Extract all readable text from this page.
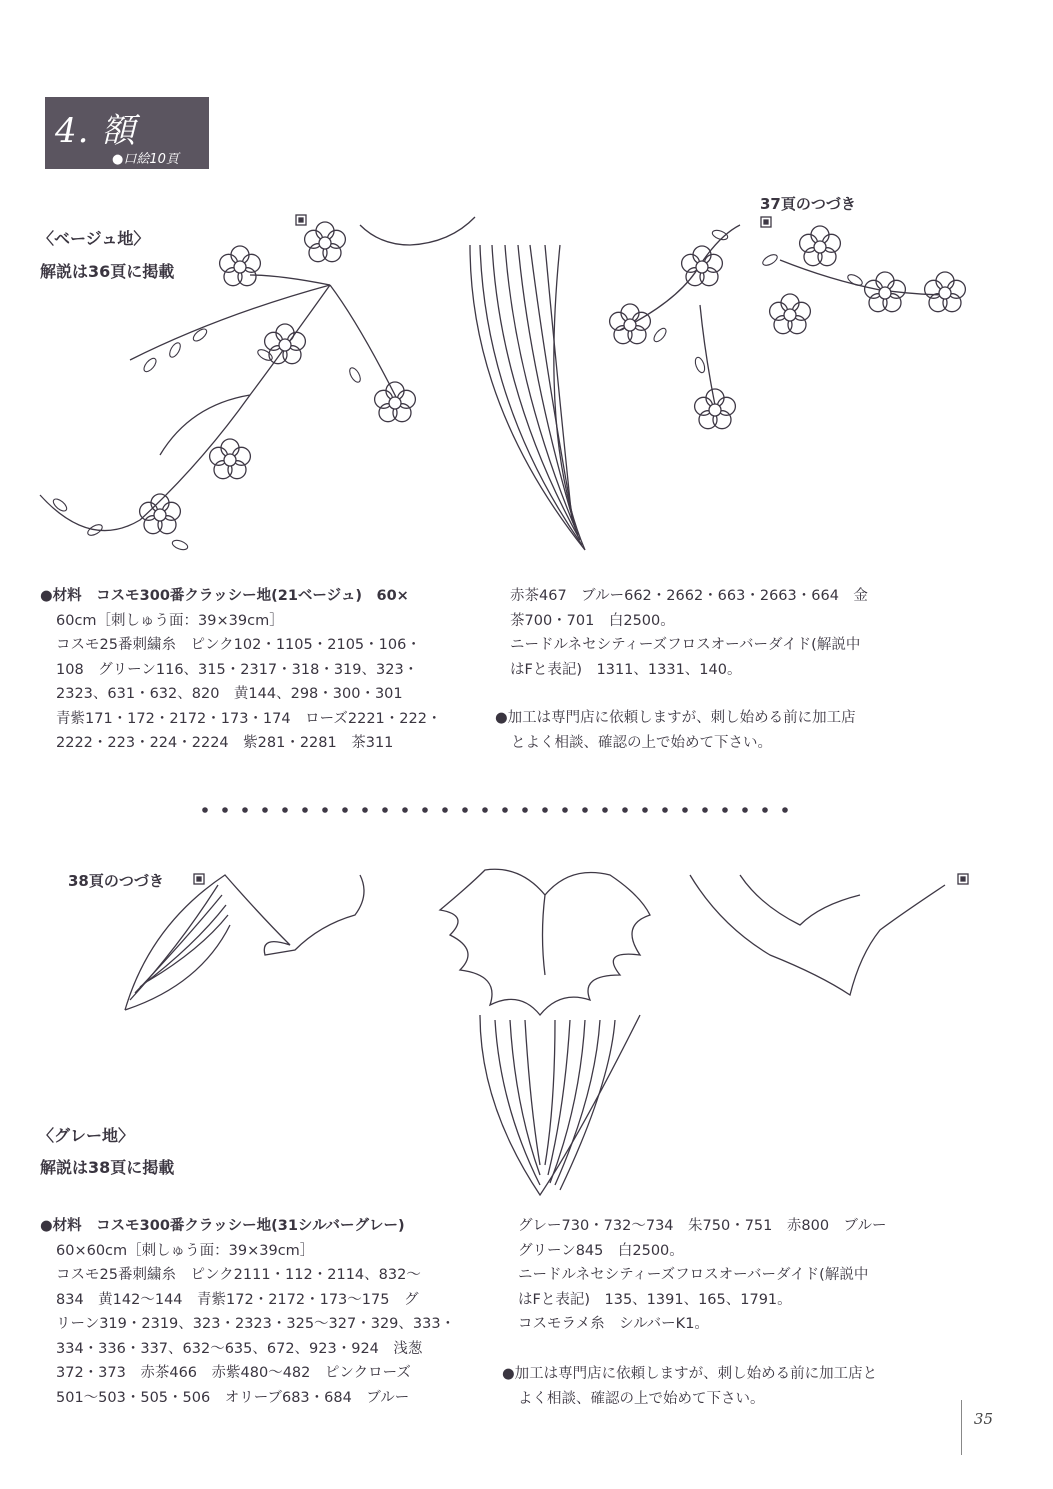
4. 額
●口絵10頁
〈ベージュ地〉
解説は36頁に掲載
37頁のつづき
●材料　コスモ300番クラッシー地(21ベージュ)　60×
60cm［刺しゅう面：39×39cm］
コスモ25番刺繍糸　ピンク102・1105・2105・106・
108　グリーン116、315・2317・318・319、323・
2323、631・632、820　黄144、298・300・301
青紫171・172・2172・173・174　ローズ2221・222・
2222・223・224・2224　紫281・2281　茶311
赤茶467　ブルー662・2662・663・2663・664　金
茶700・701　白2500。
ニードルネセシティーズフロスオーバーダイド(解説中
はFと表記)　1311、1331、140。
●加工は専門店に依頼しますが、刺し始める前に加工店
とよく相談、確認の上で始めて下さい。
38頁のつづき
〈グレー地〉
解説は38頁に掲載
●材料　コスモ300番クラッシー地(31シルバーグレー)
60×60cm［刺しゅう面：39×39cm］
コスモ25番刺繍糸　ピンク2111・112・2114、832〜
834　黄142〜144　青紫172・2172・173〜175　グ
リーン319・2319、323・2323・325〜327・329、333・
334・336・337、632〜635、672、923・924　浅葱
372・373　赤茶466　赤紫480〜482　ピンクローズ
501〜503・505・506　オリーブ683・684　ブルー
グレー730・732〜734　朱750・751　赤800　ブルー
グリーン845　白2500。
ニードルネセシティーズフロスオーバーダイド(解説中
はFと表記)　135、1391、165、1791。
コスモラメ糸　シルバーK1。
●加工は専門店に依頼しますが、刺し始める前に加工店と
よく相談、確認の上で始めて下さい。
35
